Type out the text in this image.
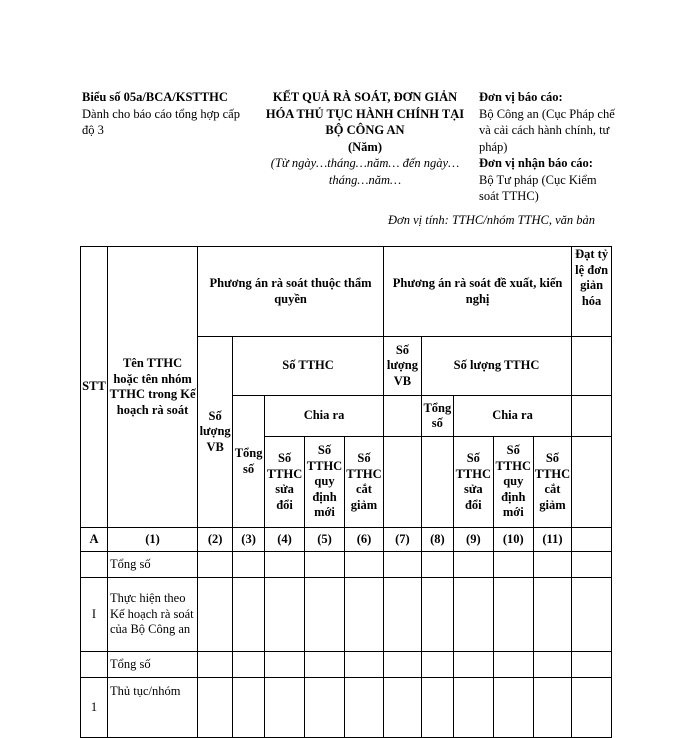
Biểu số 05a/BCA/KSTTHC
Dành cho báo cáo tổng hợp cấp độ 3
KẾT QUẢ RÀ SOÁT, ĐƠN GIẢN
HÓA THỦ TỤC HÀNH CHÍNH TẠI
BỘ CÔNG AN
(Năm)
(Từ ngày…tháng…năm… đến ngày…
tháng…năm…
Đơn vị báo cáo:
Bộ Công an (Cục Pháp chế và cải cách hành chính, tư pháp)
Đơn vị nhận báo cáo:
Bộ Tư pháp (Cục Kiểm soát TTHC)
Đơn vị tính: TTHC/nhóm TTHC, văn bản
STT	Tên TTHC hoặc tên nhóm TTHC trong Kế hoạch rà soát	Phương án rà soát thuộc thẩm quyền					Phương án rà soát đề xuất, kiến nghị					Đạt tỷ lệ đơn giản hóa
		Số lượng VB	Số TTHC				Số lượng VB	Số lượng TTHC				
			Tổng số	Chia ra				Tổng số	Chia ra			
				Số TTHC sửa đổi	Số TTHC quy định mới	Số TTHC cắt giảm			Số TTHC sửa đổi	Số TTHC quy định mới	Số TTHC cắt giảm	
A	(1)	(2)	(3)	(4)	(5)	(6)	(7)	(8)	(9)	(10)	(11)	
	Tổng số											
I	Thực hiện theo Kế hoạch rà soát của Bộ Công an											
	Tổng số											
1	Thủ tục/nhóm											
